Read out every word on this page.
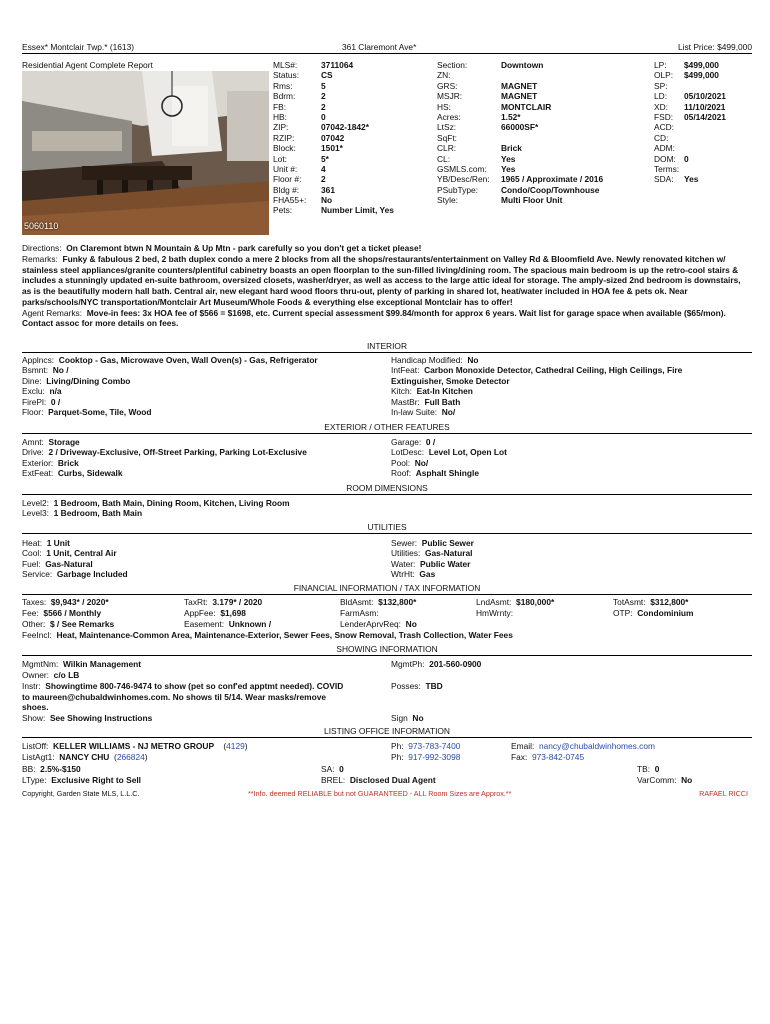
Essex* Montclair Twp.* (1613)	361 Claremont Ave*	List Price: $499,000
Residential Agent Complete Report
5060110
MLS#:	3711064
Status:	CS
Rms:	5
Bdrm:	2
FB:	2
HB:	0
ZIP:	07042-1842*
RZIP:	07042
Block:	1501*
Lot:	5*
Unit #:	4
Floor #:	2
Bldg #:	361
FHA55+:	No
Pets:	Number Limit, Yes
Section:	Downtown
ZN:
GRS:	MAGNET
MSJR:	MAGNET
HS:	MONTCLAIR
Acres:	1.52*
LtSz:	66000SF*
SqFt:
CLR:	Brick
CL:	Yes
GSMLS.com:	Yes
YB/Desc/Ren:	1965 / Approximate / 2016
PSubType:	Condo/Coop/Townhouse
Style:	Multi Floor Unit
LP:	$499,000
OLP:	$499,000
SP:
LD:	05/10/2021
XD:	11/10/2021
FSD:	05/14/2021
ACD:
CD:
ADM:
DOM: 0
Terms:
SDA:	Yes

Directions: On Claremont btwn N Mountain & Up Mtn - park carefully so you don't get a ticket please!

Remarks: Funky & fabulous 2 bed, 2 bath duplex condo a mere 2 blocks from all the shops/restaurants/entertainment on Valley Rd & Bloomfield Ave. Newly renovated kitchen w/ stainless steel appliances/granite counters/plentiful cabinetry boasts an open floorplan to the sun-filled living/dining room. The spacious main bedroom is up the retro-cool stairs & includes a stunningly updated en-suite bathroom, oversized closets, washer/dryer, as well as access to the large attic ideal for storage. The amply-sized 2nd bedroom is downstairs, as is the beautifully modern hall bath. Central air, new elegant hard wood floors thru-out, plenty of parking in shared lot, heat/water included in HOA fee & pets ok. Near parks/schools/NYC transportation/Montclair Art Museum/Whole Foods & everything else exceptional Montclair has to offer!

Agent Remarks: Move-in fees: 3x HOA fee of $566 = $1698, etc. Current special assessment $99.84/month for approx 6 years. Wait list for garage space when available ($65/mon). Contact assoc for more details on fees.

INTERIOR
Applncs:
Cooktop - Gas, Microwave Oven, Wall Oven(s) - Gas, Refrigerator
Bsmnt:
No /
Dine:
Living/Dining Combo
Exclu:
n/a
FirePl:
0 /
Floor:
Parquet-Some, Tile, Wood
Handicap Modified:
No
IntFeat:
Carbon Monoxide Detector, Cathedral Ceiling, High Ceilings, Fire
Extinguisher, Smoke Detector
Kitch:
Eat-In Kitchen
MastBr:
Full Bath
In-law Suite:
No/
EXTERIOR / OTHER FEATURES
Amnt:
Storage
Drive:
2 / Driveway-Exclusive, Off-Street Parking, Parking Lot-Exclusive
Exterior:
Brick
ExtFeat:
Curbs, Sidewalk
Garage:
0 /
LotDesc:
Level Lot, Open Lot
Pool:
No/
Roof:
Asphalt Shingle
ROOM DIMENSIONS
Level2:
1 Bedroom, Bath Main, Dining Room, Kitchen, Living Room
Level3:
1 Bedroom, Bath Main
UTILITIES
Heat:
1 Unit
Cool:
1 Unit, Central Air
Fuel:
Gas-Natural
Service:
Garbage Included
Sewer:
Public Sewer
Utilities:
Gas-Natural
Water:
Public Water
WtrHt:
Gas
FINANCIAL INFORMATION / TAX INFORMATION
Taxes: $9,943* / 2020*
Fee: $566 / Monthly
Other: $ / See Remarks
TaxRt: 3.179* / 2020
AppFee: $1,698
Easement: Unknown /
BldAsmt: $132,800*
FarmAsm:
LenderAprvReq: No
LndAsmt: $180,000*
HmWrnty:
TotAsmt: $312,800*
OTP: Condominium
FeeIncl: Heat, Maintenance-Common Area, Maintenance-Exterior, Sewer Fees, Snow Removal, Trash Collection, Water Fees
SHOWING INFORMATION
MgmtNm: Wilkin Management
Owner: c/o LB
Instr: Showingtime 800-746-9474 to show (pet so conf'ed apptmt needed). COVID
to maureen@chubaldwinhomes.com. No shows til 5/14. Wear masks/remove
shoes.
Show: See Showing Instructions
MgmtPh: 201-560-0900
Posses: TBD
Sign No
LISTING OFFICE INFORMATION
ListOff: KELLER WILLIAMS - NJ METRO GROUP    (4129)
ListAgt1: NANCY CHU  (266824)
BB: 2.5%-$150
LType: Exclusive Right to Sell
Ph: 973-783-7400
Ph: 917-992-3098
SA: 0
BREL: Disclosed Dual Agent
Email: nancy@chubaldwinhomes.com
Fax: 973-842-0745
TB: 0
VarComm: No
Copyright, Garden State MLS, L.L.C.	**Info. deemed RELIABLE but not GUARANTEED - ALL Room Sizes are Approx.**	RAFAEL RICCI
